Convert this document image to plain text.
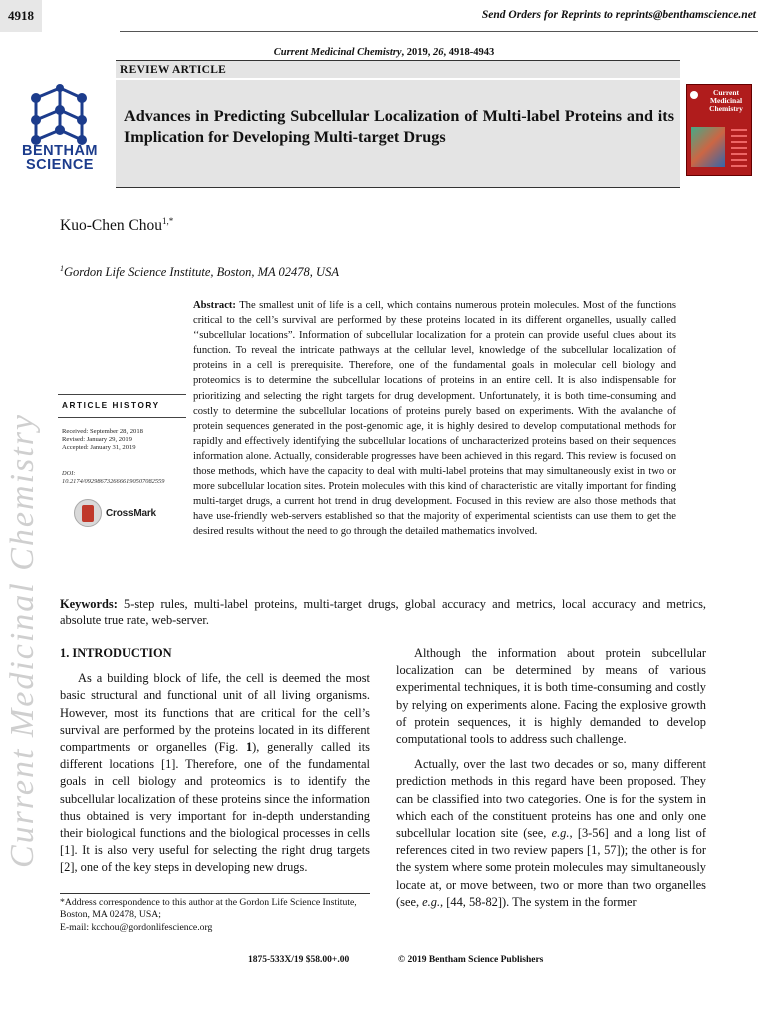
4918	Send Orders for Reprints to reprints@benthamscience.net
Current Medicinal Chemistry, 2019, 26, 4918-4943
Current Medicinal Chemistry
BENTHAM
SCIENCE
REVIEW ARTICLE
Advances in Predicting Subcellular Localization of Multi-label Proteins and its Implication for Developing Multi-target Drugs
Current Medicinal Chemistry
Kuo-Chen Chou$^{1,*}$
$^1$Gordon Life Science Institute, Boston, MA 02478, USA
Abstract: The smallest unit of life is a cell, which contains numerous protein molecules. Most of the functions critical to the cell’s survival are performed by these proteins located in its different organelles, usually called ‘‘subcellular locations”. Information of subcellular localization for a protein can provide useful clues about its function. To reveal the intricate pathways at the cellular level, knowledge of the subcellular localization of proteins in a cell is prerequisite. Therefore, one of the fundamental goals in molecular cell biology and proteomics is to determine the subcellular locations of proteins in an entire cell. It is also indispensable for prioritizing and selecting the right targets for drug development. Unfortunately, it is both time-consuming and costly to determine the subcellular locations of proteins purely based on experiments. With the avalanche of protein sequences generated in the post-genomic age, it is highly desired to develop computational methods for rapidly and effectively identifying the subcellular locations of uncharacterized proteins based on their sequences information alone. Actually, considerable progresses have been achieved in this regard. This review is focused on those methods, which have the capacity to deal with multi-label proteins that may simultaneously exist in two or more subcellular location sites. Protein molecules with this kind of characteristic are vitally important for finding multi-target drugs, a current hot trend in drug development. Focused in this review are also those methods that have use-friendly web-servers established so that the majority of experimental scientists can use them to get the desired results without the need to go through the detailed mathematics involved.
ARTICLE HISTORY
Received: September 28, 2018
Revised: January 29, 2019
Accepted: January 31, 2019
DOI:
10.2174/0929867326666190507082559
CrossMark
Keywords: 5-step rules, multi-label proteins, multi-target drugs, global accuracy and metrics, local accuracy and metrics, absolute true rate, web-server.
1. INTRODUCTION

As a building block of life, the cell is deemed the most basic structural and functional unit of all living organisms. However, most its functions that are critical for the cell’s survival are performed by the proteins located in its different compartments or organelles (Fig. 1), generally called its different locations [1]. Therefore, one of the fundamental goals in cell biology and proteomics is to identify the subcellular localization of these proteins since the information thus obtained is very important for in-depth understanding their biological functions and the biological processes in cells [1]. It is also very useful for selecting the right drug targets [2], one of the key steps in developing new drugs.

Although the information about protein subcellular localization can be determined by means of various experimental techniques, it is both time-consuming and costly by relying on experiments alone. Facing the explosive growth of protein sequences, it is highly demanded to develop computational tools to address such challenge.

Actually, over the last two decades or so, many different prediction methods in this regard have been proposed. They can be classified into two categories. One is for the system in which each of the constituent proteins has one and only one subcellular location site (see, e.g., [3-56] and a long list of references cited in two review papers [1, 57]); the other is for the system where some protein molecules may simultaneously locate at, or move between, two or more than two organelles (see, e.g., [44, 58-82]). The system in the former

*Address correspondence to this author at the Gordon Life Science Institute, Boston, MA 02478, USA;
E-mail: kcchou@gordonlifescience.org
1875-533X/19 $58.00+.00	© 2019 Bentham Science Publishers
